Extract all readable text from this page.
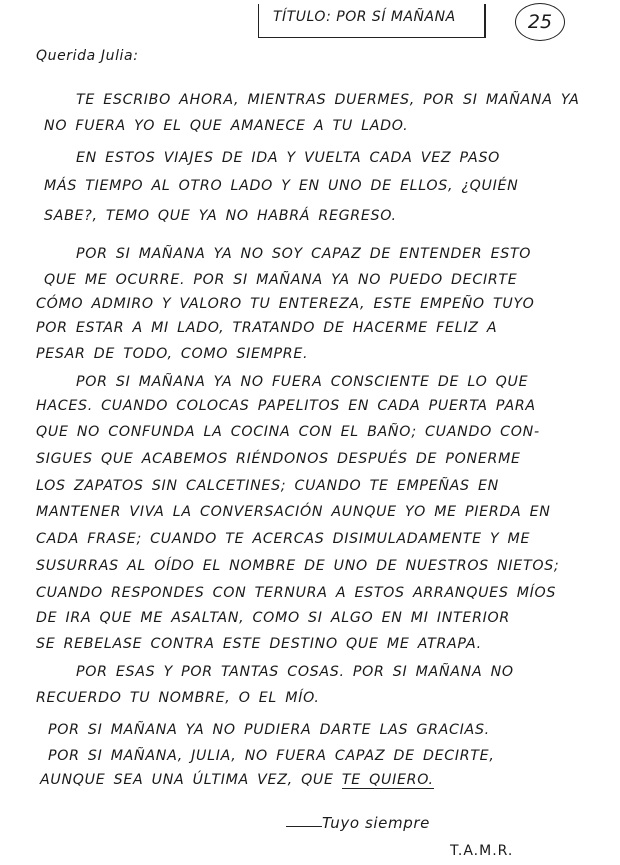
TÍTULO: POR SÍ MAÑANA	25
Querida Julia:
TE ESCRIBO AHORA, MIENTRAS DUERMES, POR SI MAÑANA YA
NO FUERA YO EL QUE AMANECE A TU LADO.
EN ESTOS VIAJES DE IDA Y VUELTA CADA VEZ PASO
MÁS TIEMPO AL OTRO LADO Y EN UNO DE ELLOS, ¿QUIÉN
SABE?, TEMO QUE YA NO HABRÁ REGRESO.
POR SI MAÑANA YA NO SOY CAPAZ DE ENTENDER ESTO
QUE ME OCURRE. POR SI MAÑANA YA NO PUEDO DECIRTE
CÓMO ADMIRO Y VALORO TU ENTEREZA, ESTE EMPEÑO TUYO
POR ESTAR A MI LADO, TRATANDO DE HACERME FELIZ A
PESAR DE TODO, COMO SIEMPRE.
POR SI MAÑANA YA NO FUERA CONSCIENTE DE LO QUE
HACES. CUANDO COLOCAS PAPELITOS EN CADA PUERTA PARA
QUE NO CONFUNDA LA COCINA CON EL BAÑO; CUANDO CON-
SIGUES QUE ACABEMOS RIÉNDONOS DESPUÉS DE PONERME
LOS ZAPATOS SIN CALCETINES; CUANDO TE EMPEÑAS EN
MANTENER VIVA LA CONVERSACIÓN AUNQUE YO ME PIERDA EN
CADA FRASE; CUANDO TE ACERCAS DISIMULADAMENTE Y ME
SUSURRAS AL OÍDO EL NOMBRE DE UNO DE NUESTROS NIETOS;
CUANDO RESPONDES CON TERNURA A ESTOS ARRANQUES MÍOS
DE IRA QUE ME ASALTAN, COMO SI ALGO EN MI INTERIOR
SE REBELASE CONTRA ESTE DESTINO QUE ME ATRAPA.
POR ESAS Y POR TANTAS COSAS. POR SI MAÑANA NO
RECUERDO TU NOMBRE, O EL MÍO.
POR SI MAÑANA YA NO PUDIERA DARTE LAS GRACIAS.
POR SI MAÑANA, JULIA, NO FUERA CAPAZ DE DECIRTE,
AUNQUE SEA UNA ÚLTIMA VEZ, QUE TE QUIERO.
Tuyo siempre
T.A.M.R.
